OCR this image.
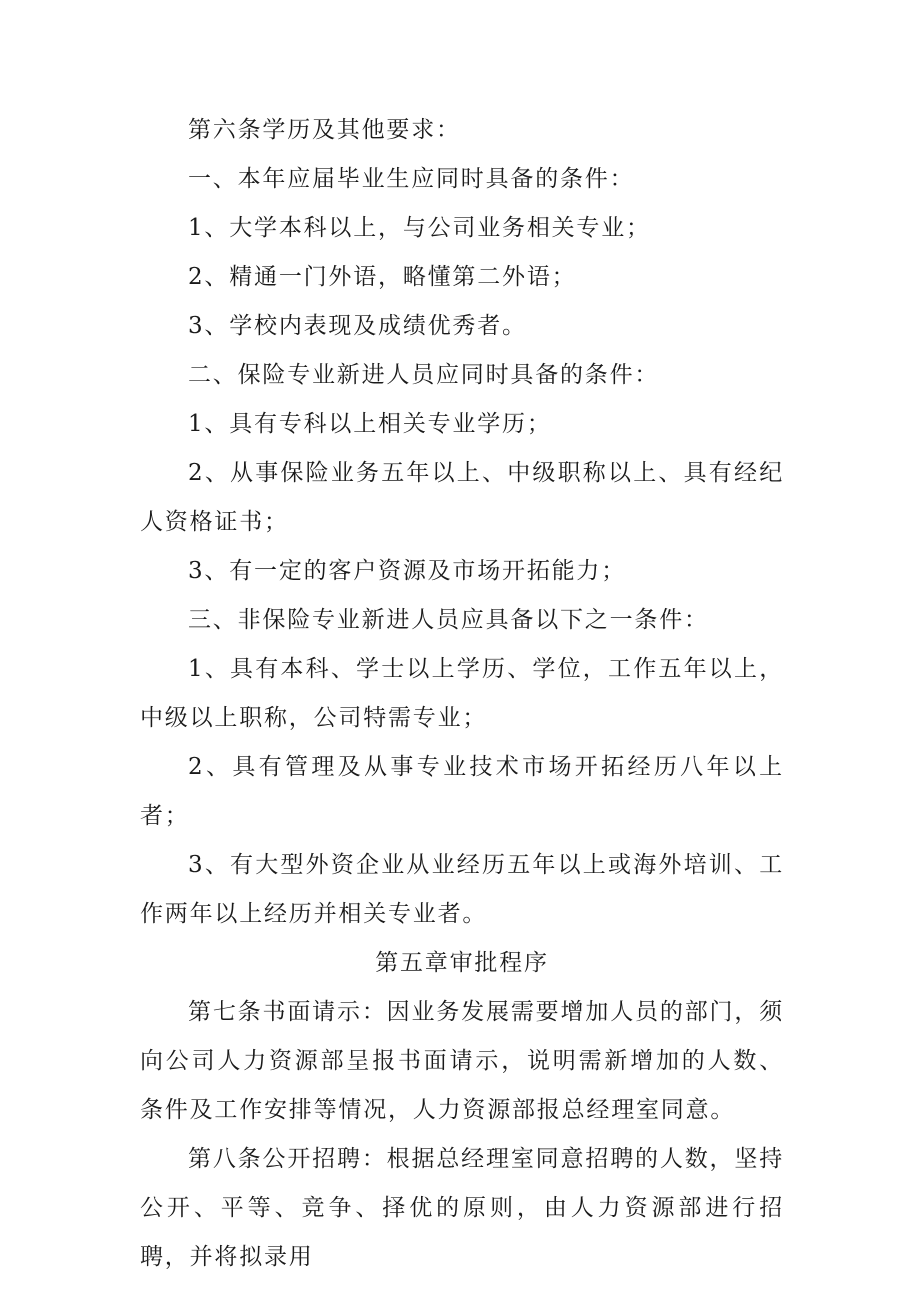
第六条学历及其他要求：

一、本年应届毕业生应同时具备的条件：

1、大学本科以上，与公司业务相关专业；

2、精通一门外语，略懂第二外语；

3、学校内表现及成绩优秀者。

二、保险专业新进人员应同时具备的条件：

1、具有专科以上相关专业学历；

2、从事保险业务五年以上、中级职称以上、具有经纪人资格证书；

3、有一定的客户资源及市场开拓能力；

三、非保险专业新进人员应具备以下之一条件：

1、具有本科、学士以上学历、学位，工作五年以上，中级以上职称，公司特需专业；

2、具有管理及从事专业技术市场开拓经历八年以上者；

3、有大型外资企业从业经历五年以上或海外培训、工作两年以上经历并相关专业者。

第五章审批程序

第七条书面请示：因业务发展需要增加人员的部门，须向公司人力资源部呈报书面请示，说明需新增加的人数、条件及工作安排等情况，人力资源部报总经理室同意。

第八条公开招聘：根据总经理室同意招聘的人数，坚持公开、平等、竞争、择优的原则，由人力资源部进行招聘，并将拟录用
